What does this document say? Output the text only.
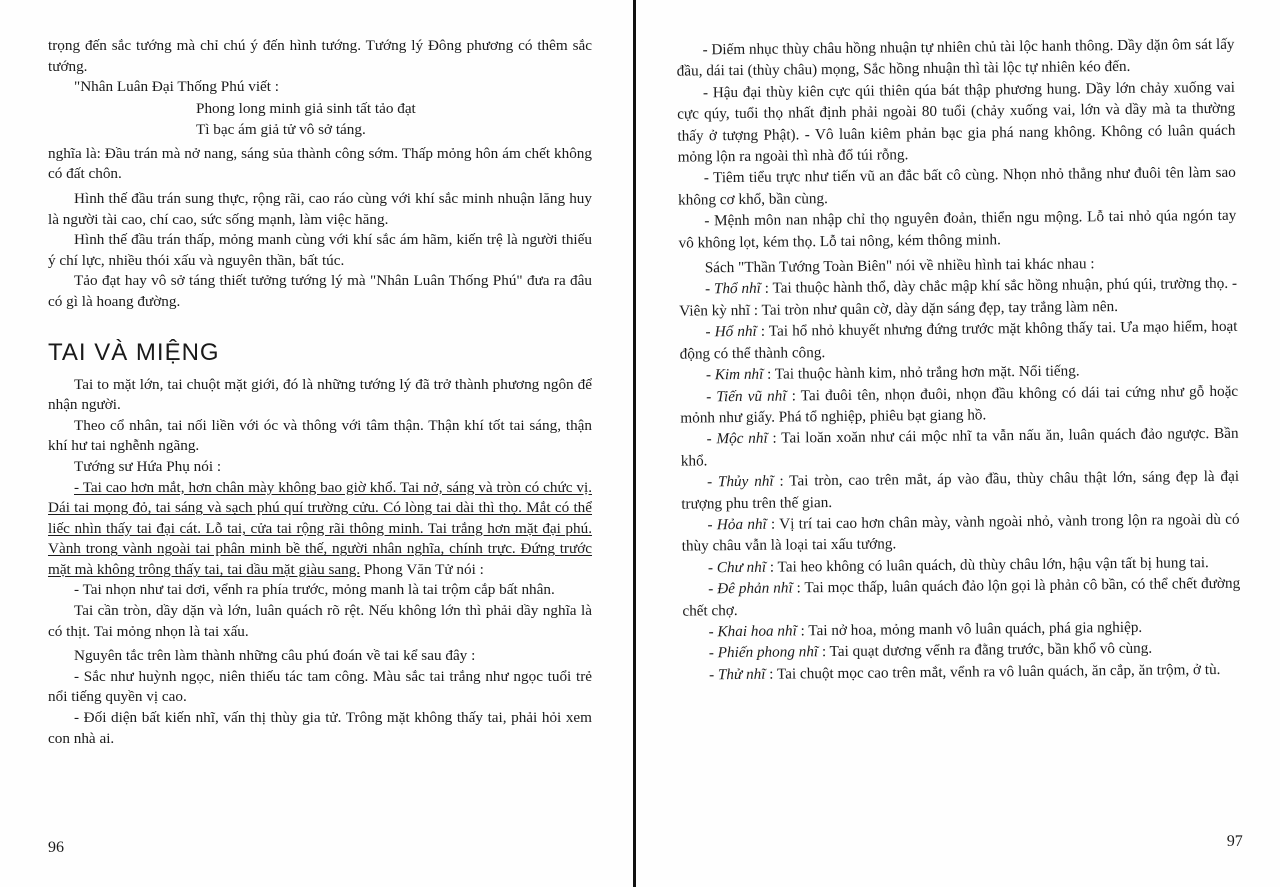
trọng đến sắc tướng mà chỉ chú ý đến hình tướng. Tướng lý Đông phương có thêm sắc tướng.

"Nhân Luân Đại Thống Phú viết :

Phong long minh giả sinh tất tảo đạt

Tì bạc ám giả tử vô sở táng.

nghĩa là: Đầu trán mà nở nang, sáng sủa thành công sớm. Thấp mỏng hôn ám chết không có đất chôn.

Hình thế đầu trán sung thực, rộng rãi, cao ráo cùng với khí sắc minh nhuận lăng huy là người tài cao, chí cao, sức sống mạnh, làm việc hăng.

Hình thế đầu trán thấp, mỏng manh cùng với khí sắc ám hãm, kiến trệ là người thiếu ý chí lực, nhiều thói xấu và nguyên thần, bất túc.

Tảo đạt hay vô sở táng thiết tưởng tướng lý mà "Nhân Luân Thống Phú" đưa ra đâu có gì là hoang đường.

TAI VÀ MIỆNG

Tai to mặt lớn, tai chuột mặt giới, đó là những tướng lý đã trở thành phương ngôn để nhận người.

Theo cổ nhân, tai nối liền với óc và thông với tâm thận. Thận khí tốt tai sáng, thận khí hư tai nghễnh ngãng.

Tướng sư Hứa Phụ nói :

- Tai cao hơn mắt, hơn chân mày không bao giờ khổ. Tai nở, sáng và tròn có chức vị. Dái tai mọng đỏ, tai sáng và sạch phú quí trường cửu. Có lòng tai dài thì thọ. Mắt có thể liếc nhìn thấy tai đại cát. Lỗ tai, cửa tai rộng rãi thông minh. Tai trắng hơn mặt đại phú. Vành trong vành ngoài tai phân minh bề thế, người nhân nghĩa, chính trực. Đứng trước mặt mà không trông thấy tai, tai dầu mặt giàu sang. Phong Văn Tử nói :

- Tai nhọn như tai dơi, vểnh ra phía trước, mỏng manh là tai trộm cắp bất nhân.

Tai cần tròn, dầy dặn và lớn, luân quách rõ rệt. Nếu không lớn thì phải dầy nghĩa là có thịt. Tai mỏng nhọn là tai xấu.

Nguyên tắc trên làm thành những câu phú đoán về tai kể sau đây :

- Sắc như huỳnh ngọc, niên thiếu tác tam công. Màu sắc tai trắng như ngọc tuổi trẻ nổi tiếng quyền vị cao.

- Đối diện bất kiến nhĩ, vấn thị thùy gia tử. Trông mặt không thấy tai, phải hỏi xem con nhà ai.

96

- Diếm nhục thùy châu hồng nhuận tự nhiên chủ tài lộc hanh thông. Dầy dặn ôm sát lấy đầu, dái tai (thùy châu) mọng, Sắc hồng nhuận thì tài lộc tự nhiên kéo đến.

- Hậu đại thùy kiên cực qúi thiên qúa bát thập phương hung. Dầy lớn chảy xuống vai cực qúy, tuổi thọ nhất định phải ngoài 80 tuổi (chảy xuống vai, lớn và dầy mà ta thường thấy ở tượng Phật). - Vô luân kiêm phản bạc gia phá nang không. Không có luân quách mỏng lộn ra ngoài thì nhà đổ túi rỗng.

- Tiêm tiểu trực như tiến vũ an đắc bất cô cùng. Nhọn nhỏ thẳng như đuôi tên làm sao không cơ khổ, bần cùng.

- Mệnh môn nan nhập chỉ thọ nguyên đoản, thiển ngu mộng. Lỗ tai nhỏ qúa ngón tay vô không lọt, kém thọ. Lỗ tai nông, kém thông minh.

Sách "Thần Tướng Toàn Biên" nói về nhiều hình tai khác nhau :

- Thổ nhĩ : Tai thuộc hành thổ, dày chắc mập khí sắc hồng nhuận, phú qúi, trường thọ. - Viên kỳ nhĩ : Tai tròn như quân cờ, dày dặn sáng đẹp, tay trắng làm nên.

- Hổ nhĩ : Tai hổ nhỏ khuyết nhưng đứng trước mặt không thấy tai. Ưa mạo hiểm, hoạt động có thể thành công.

- Kim nhĩ : Tai thuộc hành kim, nhỏ trắng hơn mặt. Nổi tiếng.

- Tiến vũ nhĩ : Tai đuôi tên, nhọn đuôi, nhọn đầu không có dái tai cứng như gỗ hoặc mỏnh như giấy. Phá tổ nghiệp, phiêu bạt giang hồ.

- Mộc nhĩ : Tai loăn xoăn như cái mộc nhĩ ta vẫn nấu ăn, luân quách đảo ngược. Bần khổ.

- Thủy nhĩ : Tai tròn, cao trên mắt, áp vào đầu, thùy châu thật lớn, sáng đẹp là đại trượng phu trên thế gian.

- Hỏa nhĩ : Vị trí tai cao hơn chân mày, vành ngoài nhỏ, vành trong lộn ra ngoài dù có thùy châu vẫn là loại tai xấu tướng.

- Chư nhĩ : Tai heo không có luân quách, dù thùy châu lớn, hậu vận tất bị hung tai.

- Đê phản nhĩ : Tai mọc thấp, luân quách đảo lộn gọi là phản cô bần, có thể chết đường chết chợ.

- Khai hoa nhĩ : Tai nở hoa, mỏng manh vô luân quách, phá gia nghiệp.

- Phiến phong nhĩ : Tai quạt dương vểnh ra đằng trước, bần khổ vô cùng.

- Thử nhĩ : Tai chuột mọc cao trên mắt, vểnh ra vô luân quách, ăn cắp, ăn trộm, ở tù.

97
